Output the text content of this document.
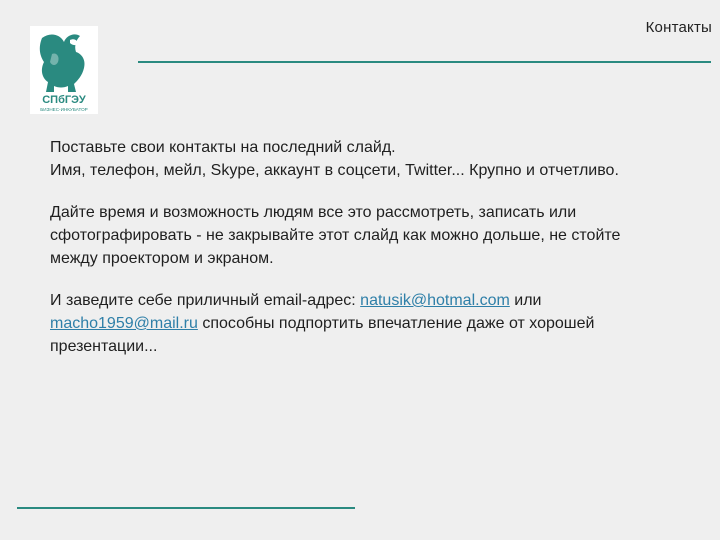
СПбГЭУ
БИЗНЕС-ИНКУБАТОР
Контакты

Поставьте свои контакты на последний слайд.
Имя, телефон, мейл, Skype, аккаунт в соцсети, Twitter... Крупно и отчетливо.

Дайте время и возможность людям все это рассмотреть, записать или
сфотографировать - не закрывайте этот слайд как можно дольше, не стойте
между проектором и экраном.

И заведите себе приличный email-адрес: natusik@hotmal.com или
macho1959@mail.ru способны подпортить впечатление даже от хорошей
презентации...
